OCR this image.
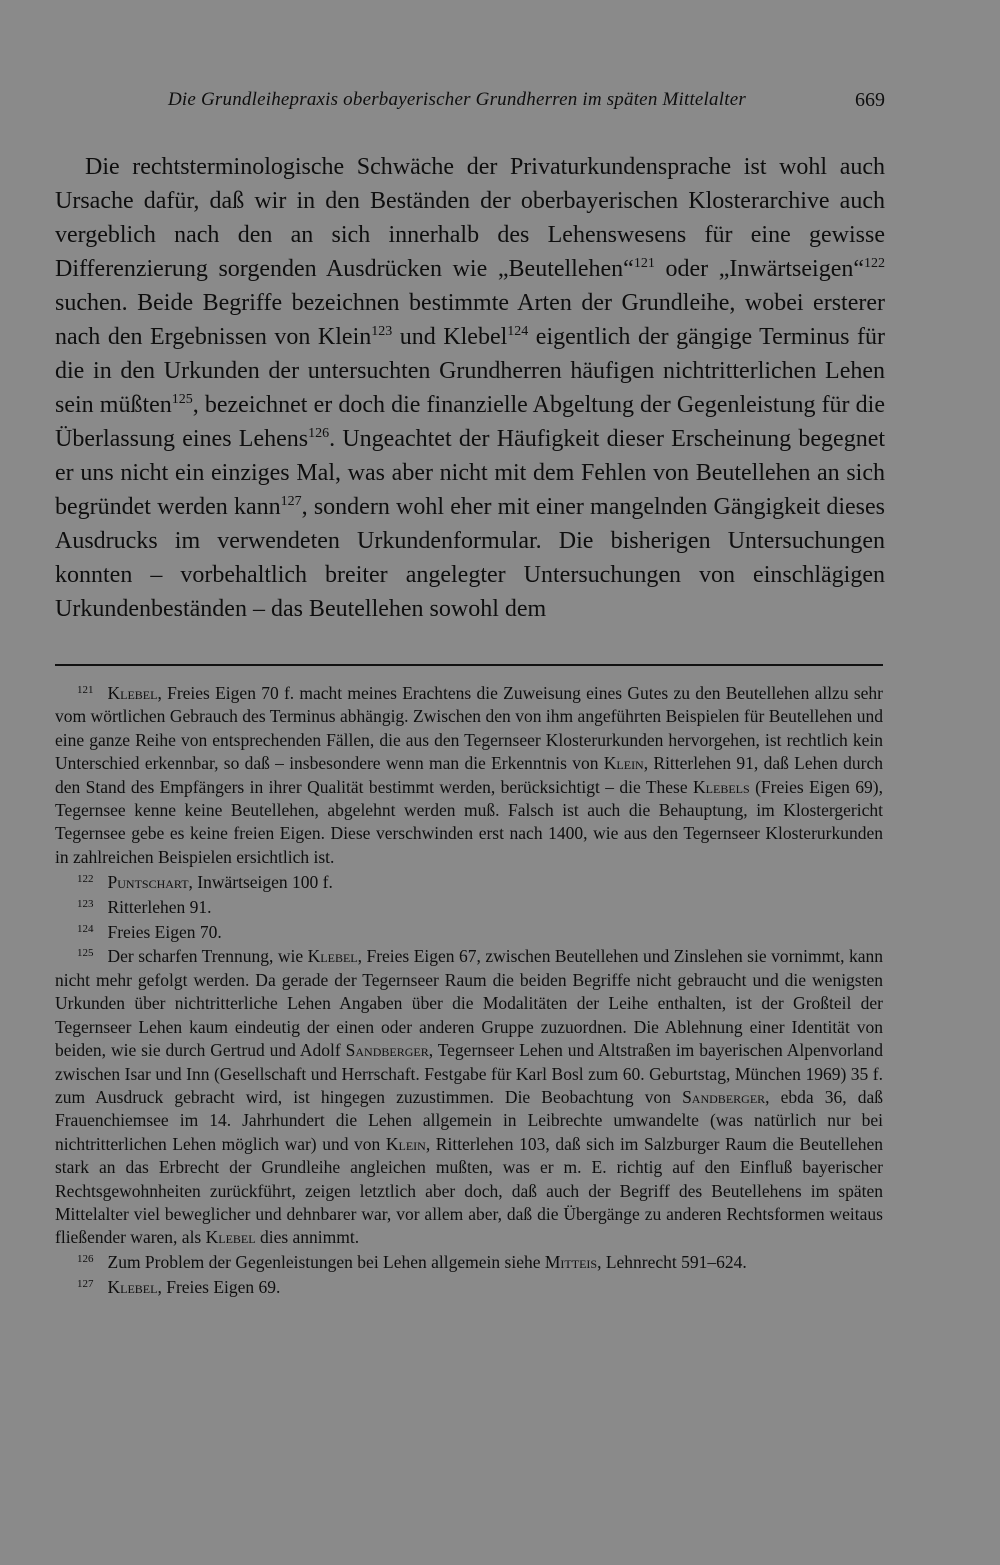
Die Grundleihepraxis oberbayerischer Grundherren im späten Mittelalter	669

Die rechtsterminologische Schwäche der Privaturkundensprache ist wohl auch Ursache dafür, daß wir in den Beständen der oberbayerischen Klosterarchive auch vergeblich nach den an sich innerhalb des Lehenswesens für eine gewisse Differenzierung sorgenden Ausdrücken wie „Beutellehen“$^{121}$ oder „Inwärtseigen“$^{122}$ suchen. Beide Begriffe bezeichnen bestimmte Arten der Grundleihe, wobei ersterer nach den Ergebnissen von Klein$^{123}$ und Klebel$^{124}$ eigentlich der gängige Terminus für die in den Urkunden der untersuchten Grundherren häufigen nichtritterlichen Lehen sein müßten$^{125}$, bezeichnet er doch die finanzielle Abgeltung der Gegenleistung für die Überlassung eines Lehens$^{126}$. Ungeachtet der Häufigkeit dieser Erscheinung begegnet er uns nicht ein einziges Mal, was aber nicht mit dem Fehlen von Beutellehen an sich begründet werden kann$^{127}$, sondern wohl eher mit einer mangelnden Gängigkeit dieses Ausdrucks im verwendeten Urkundenformular. Die bisherigen Untersuchungen konnten – vorbehaltlich breiter angelegter Untersuchungen von einschlägigen Urkundenbeständen – das Beutellehen sowohl dem

$^{121}$ Klebel, Freies Eigen 70 f. macht meines Erachtens die Zuweisung eines Gutes zu den Beutellehen allzu sehr vom wörtlichen Gebrauch des Terminus abhängig. Zwischen den von ihm angeführten Beispielen für Beutellehen und eine ganze Reihe von entsprechenden Fällen, die aus den Tegernseer Klosterurkunden hervorgehen, ist rechtlich kein Unterschied erkennbar, so daß – insbesondere wenn man die Erkenntnis von Klein, Ritterlehen 91, daß Lehen durch den Stand des Empfängers in ihrer Qualität bestimmt werden, berücksichtigt – die These Klebels (Freies Eigen 69), Tegernsee kenne keine Beutellehen, abgelehnt werden muß. Falsch ist auch die Behauptung, im Klostergericht Tegernsee gebe es keine freien Eigen. Diese verschwinden erst nach 1400, wie aus den Tegernseer Klosterurkunden in zahlreichen Beispielen ersichtlich ist.

$^{122}$ Puntschart, Inwärtseigen 100 f.

$^{123}$ Ritterlehen 91.

$^{124}$ Freies Eigen 70.

$^{125}$ Der scharfen Trennung, wie Klebel, Freies Eigen 67, zwischen Beutellehen und Zinslehen sie vornimmt, kann nicht mehr gefolgt werden. Da gerade der Tegernseer Raum die beiden Begriffe nicht gebraucht und die wenigsten Urkunden über nichtritterliche Lehen Angaben über die Modalitäten der Leihe enthalten, ist der Großteil der Tegernseer Lehen kaum eindeutig der einen oder anderen Gruppe zuzuordnen. Die Ablehnung einer Identität von beiden, wie sie durch Gertrud und Adolf Sandberger, Tegernseer Lehen und Altstraßen im bayerischen Alpenvorland zwischen Isar und Inn (Gesellschaft und Herrschaft. Festgabe für Karl Bosl zum 60. Geburtstag, München 1969) 35 f. zum Ausdruck gebracht wird, ist hingegen zuzustimmen. Die Beobachtung von Sandberger, ebda 36, daß Frauenchiemsee im 14. Jahrhundert die Lehen allgemein in Leibrechte umwandelte (was natürlich nur bei nichtritterlichen Lehen möglich war) und von Klein, Ritterlehen 103, daß sich im Salzburger Raum die Beutellehen stark an das Erbrecht der Grundleihe angleichen mußten, was er m. E. richtig auf den Einfluß bayerischer Rechtsgewohnheiten zurückführt, zeigen letztlich aber doch, daß auch der Begriff des Beutellehens im späten Mittelalter viel beweglicher und dehnbarer war, vor allem aber, daß die Übergänge zu anderen Rechtsformen weitaus fließender waren, als Klebel dies annimmt.

$^{126}$ Zum Problem der Gegenleistungen bei Lehen allgemein siehe Mitteis, Lehnrecht 591–624.

$^{127}$ Klebel, Freies Eigen 69.
